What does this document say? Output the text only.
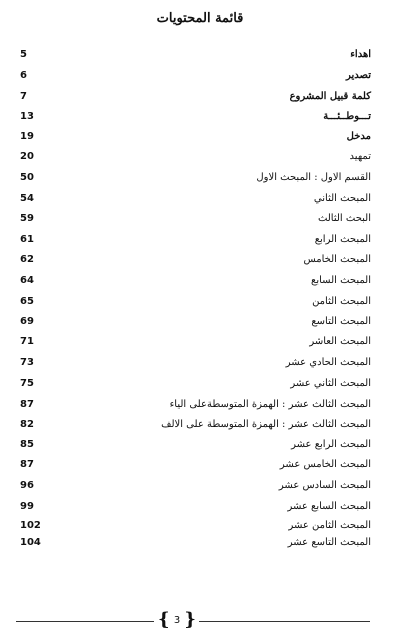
قائمة المحتويات
5	اهداء
6	تصدير
7	كلمة قبيل المشروع
13	تـــوطــئـــة
19	مدخل
20	تمهيد
50	القسم الاول : المبحث الاول
54	المبحث الثاني
59	البحث الثالث
61	المبحث الرابع
62	المبحث الخامس
64	المبحث السابع
65	المبحث الثامن
69	المبحث التاسع
71	المبحث العاشر
73	المبحث الحادي عشر
75	المبحث الثاني عشر
87	المبحث الثالث عشر : الهمزة المتوسطةعلى الياء
82	المبحث الثالث عشر : الهمزة المتوسطة على الالف
85	المبحث الرابع عشر
87	المبحث الخامس عشر
96	المبحث السادس عشر
99	المبحث السابع عشر
102	المبحث الثامن عشر
104	المبحث التاسع عشر
{ 3 }
